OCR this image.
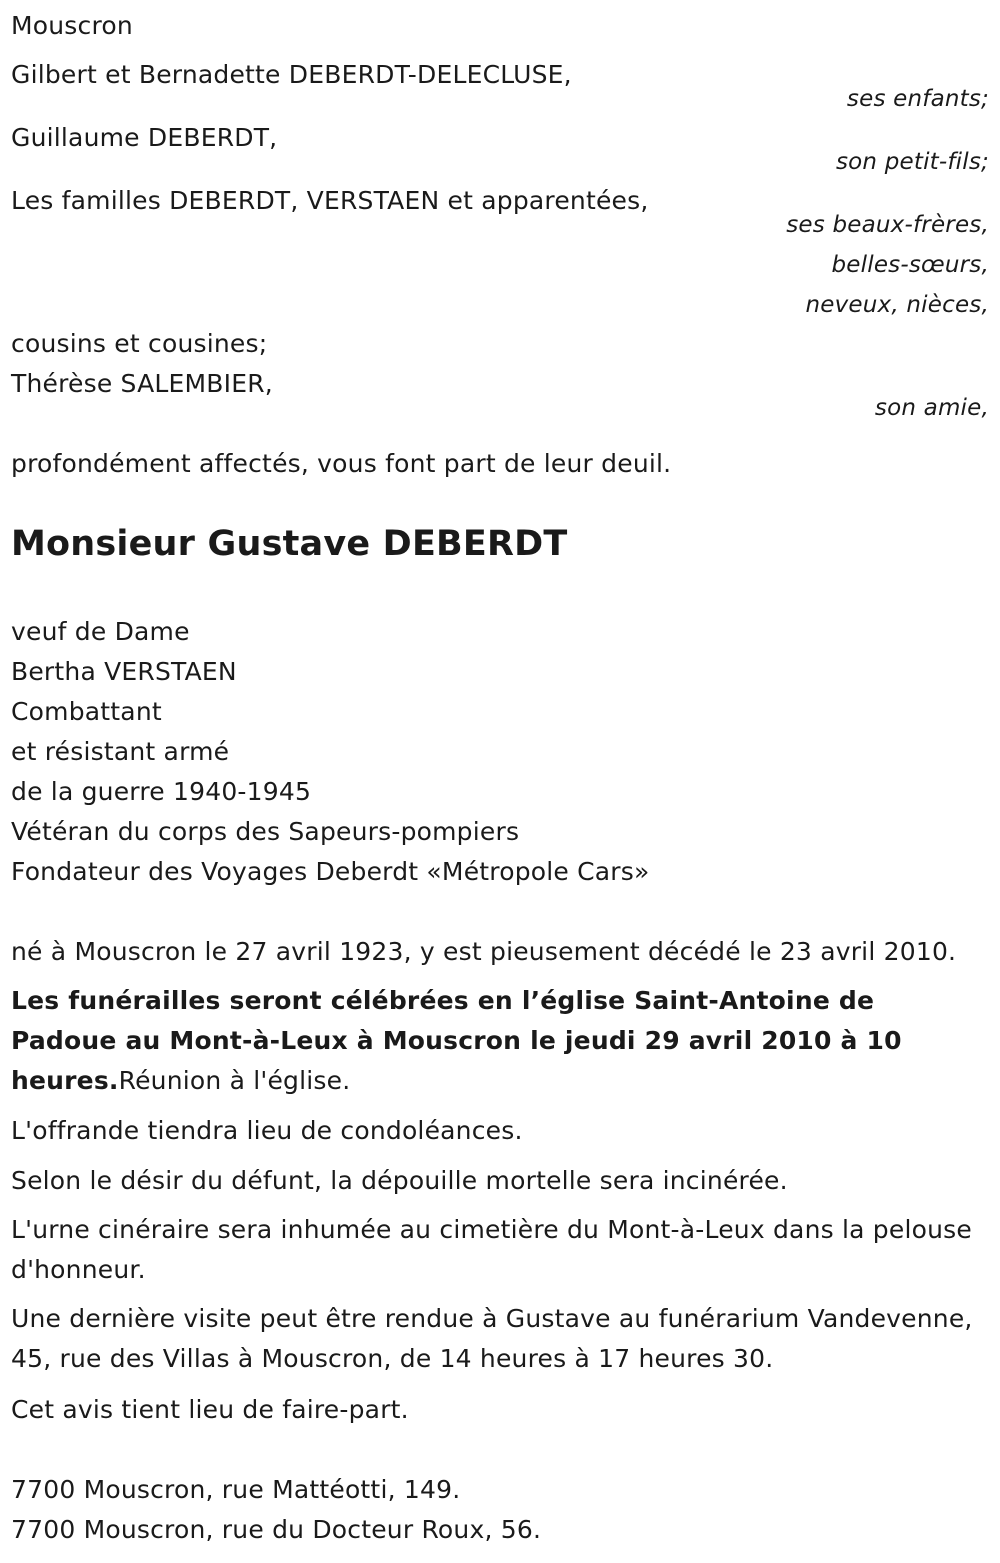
Mouscron
Gilbert et Bernadette DEBERDT-DELECLUSE,
ses enfants;
Guillaume DEBERDT,
son petit-fils;
Les familles DEBERDT, VERSTAEN et apparentées,
ses beaux-frères,
belles-sœurs,
neveux, nièces,
cousins et cousines;
Thérèse SALEMBIER,
son amie,
profondément affectés, vous font part de leur deuil.
Monsieur Gustave DEBERDT
veuf de Dame
Bertha VERSTAEN
Combattant
et résistant armé
de la guerre 1940-1945
Vétéran du corps des Sapeurs-pompiers
Fondateur des Voyages Deberdt «Métropole Cars»
né à Mouscron le 27 avril 1923, y est pieusement décédé le 23 avril 2010.
Les funérailles seront célébrées en l’église Saint-Antoine de Padoue au Mont-à-Leux à Mouscron le jeudi 29 avril 2010 à 10 heures.Réunion à l'église.
L'offrande tiendra lieu de condoléances.
Selon le désir du défunt, la dépouille mortelle sera incinérée.
L'urne cinéraire sera inhumée au cimetière du Mont-à-Leux dans la pelouse d'honneur.
Une dernière visite peut être rendue à Gustave au funérarium Vandevenne, 45, rue des Villas à Mouscron, de 14 heures à 17 heures 30.
Cet avis tient lieu de faire-part.
7700 Mouscron, rue Mattéotti, 149.
7700 Mouscron, rue du Docteur Roux, 56.
